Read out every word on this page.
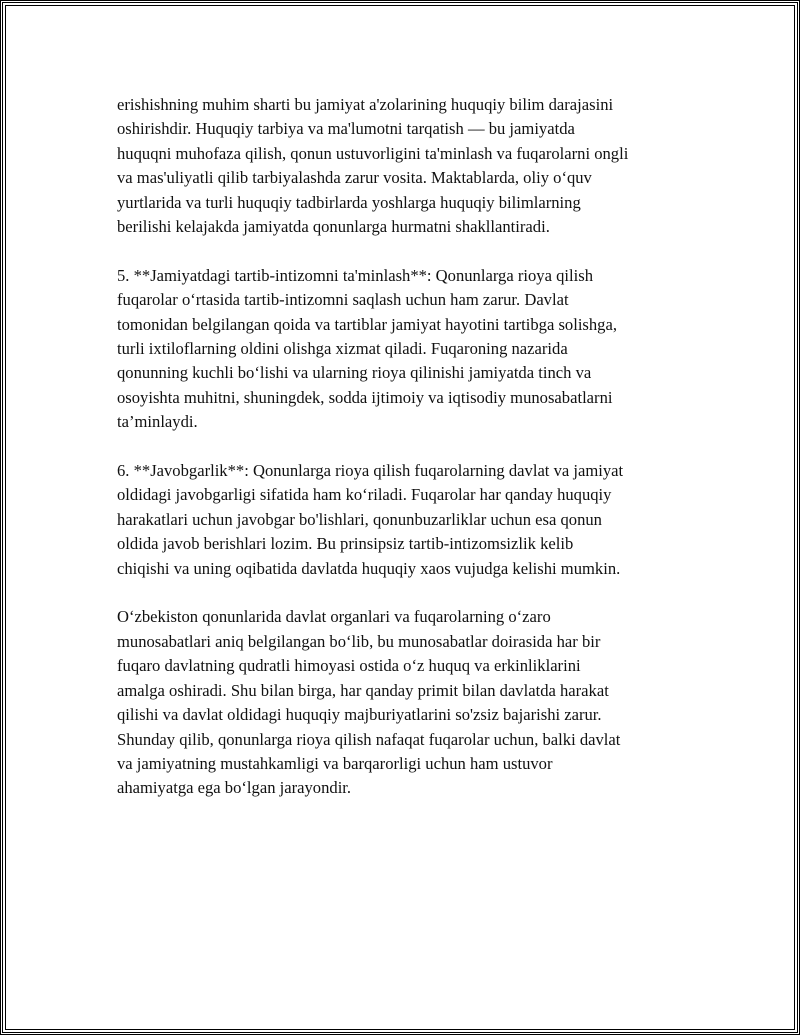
erishishning muhim sharti bu jamiyat a'zolarining huquqiy bilim darajasini
oshirishdir. Huquqiy tarbiya va ma'lumotni tarqatish — bu jamiyatda
huquqni muhofaza qilish, qonun ustuvorligini ta'minlash va fuqarolarni ongli
va mas'uliyatli qilib tarbiyalashda zarur vosita. Maktablarda, oliy o‘quv
yurtlarida va turli huquqiy tadbirlarda yoshlarga huquqiy bilimlarning
berilishi kelajakda jamiyatda qonunlarga hurmatni shakllantiradi.

5. **Jamiyatdagi tartib-intizomni ta'minlash**: Qonunlarga rioya qilish
fuqarolar o‘rtasida tartib-intizomni saqlash uchun ham zarur. Davlat
tomonidan belgilangan qoida va tartiblar jamiyat hayotini tartibga solishga,
turli ixtiloflarning oldini olishga xizmat qiladi. Fuqaroning nazarida
qonunning kuchli bo‘lishi va ularning rioya qilinishi jamiyatda tinch va
osoyishta muhitni, shuningdek, sodda ijtimoiy va iqtisodiy munosabatlarni
ta’minlaydi.

6. **Javobgarlik**: Qonunlarga rioya qilish fuqarolarning davlat va jamiyat
oldidagi javobgarligi sifatida ham ko‘riladi. Fuqarolar har qanday huquqiy
harakatlari uchun javobgar bo'lishlari, qonunbuzarliklar uchun esa qonun
oldida javob berishlari lozim. Bu prinsipsiz tartib-intizomsizlik kelib
chiqishi va uning oqibatida davlatda huquqiy xaos vujudga kelishi mumkin.

O‘zbekiston qonunlarida davlat organlari va fuqarolarning o‘zaro
munosabatlari aniq belgilangan bo‘lib, bu munosabatlar doirasida har bir
fuqaro davlatning qudratli himoyasi ostida o‘z huquq va erkinliklarini
amalga oshiradi. Shu bilan birga, har qanday primit bilan davlatda harakat
qilishi va davlat oldidagi huquqiy majburiyatlarini so'zsiz bajarishi zarur.
Shunday qilib, qonunlarga rioya qilish nafaqat fuqarolar uchun, balki davlat
va jamiyatning mustahkamligi va barqarorligi uchun ham ustuvor
ahamiyatga ega bo‘lgan jarayondir.
